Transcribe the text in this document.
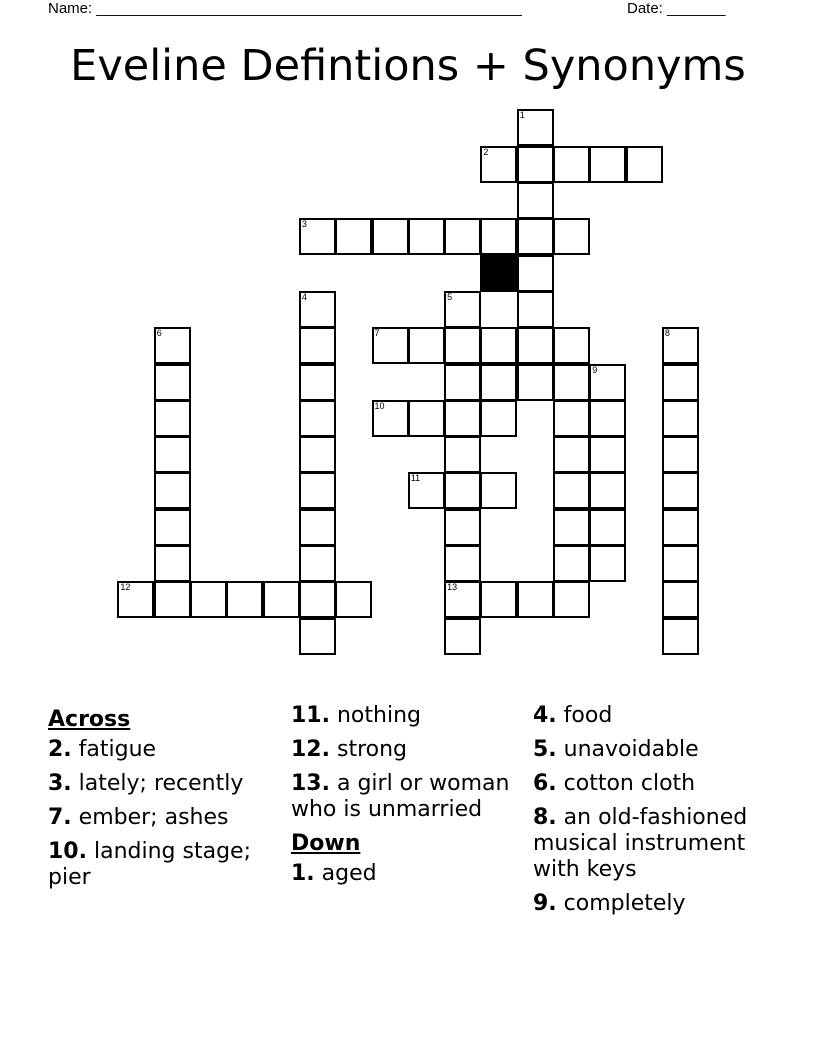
Name: ___________________________________________________	Date: _______
Eveline Defintions + Synonyms
1
2
3
4	5
13
6	7	8
9
10
11
12
Across
2. fatigue
3. lately; recently
7. ember; ashes
10. landing stage; pier
11. nothing
12. strong
13. a girl or woman who is unmarried
Down
1. aged
4. food
5. unavoidable
6. cotton cloth
8. an old-fashioned musical instrument with keys
9. completely
